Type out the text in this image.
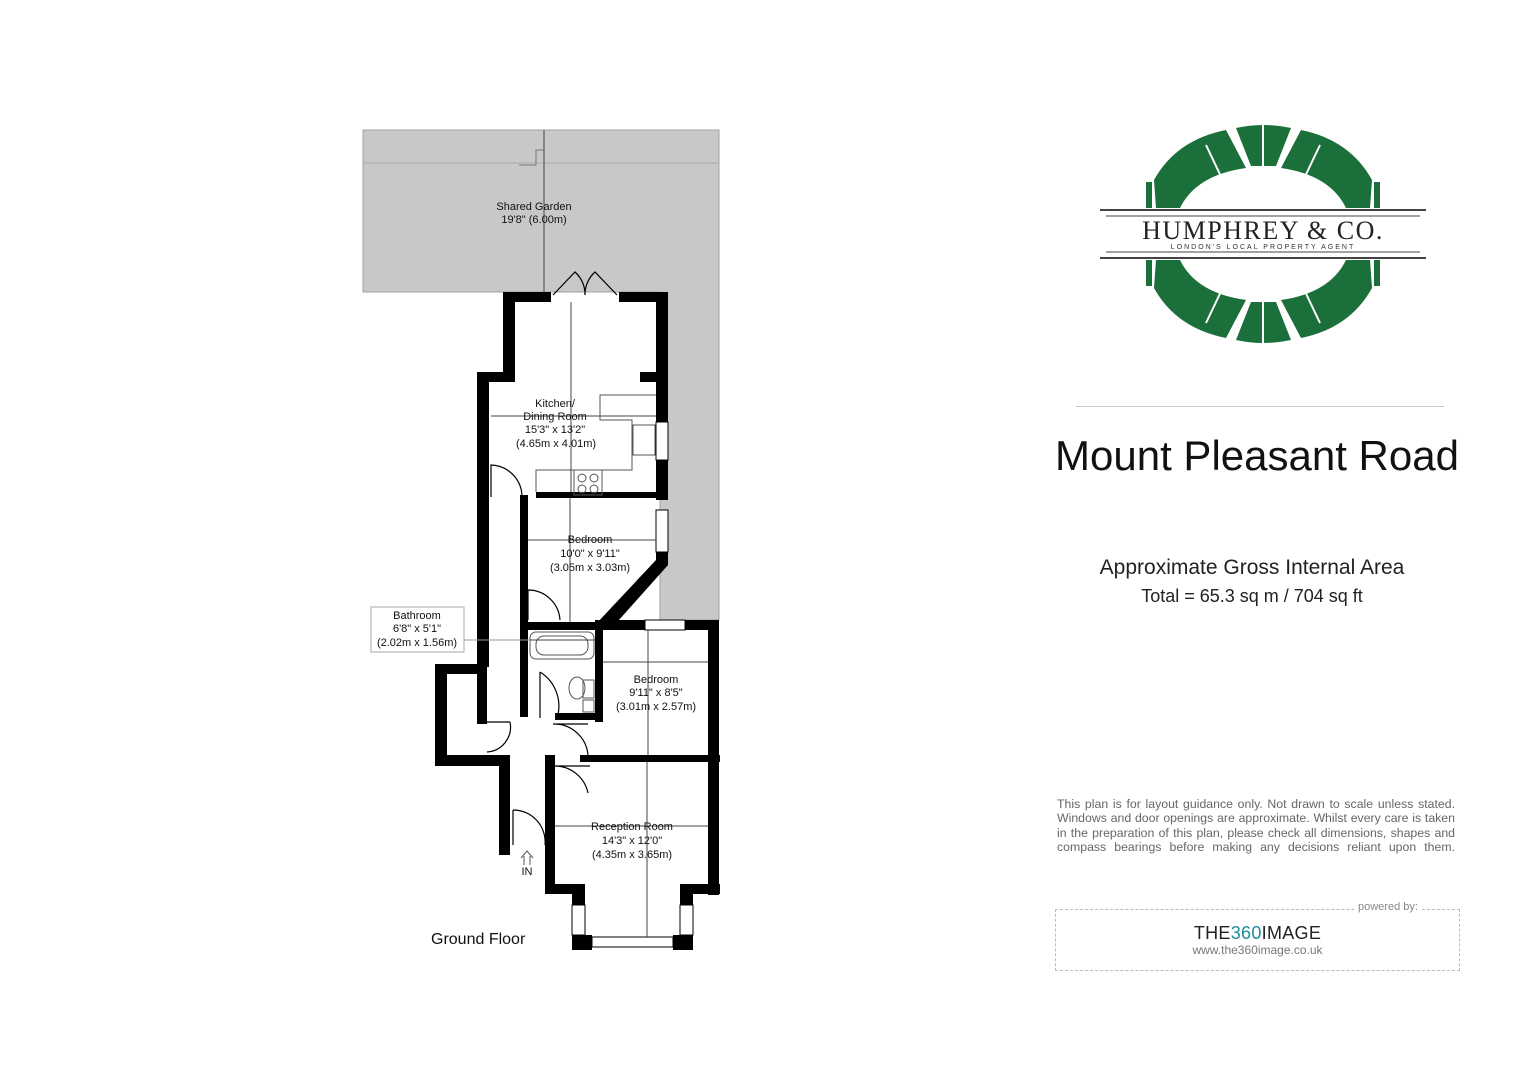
Shared Garden
19'8" (6.00m)
Kitchen/
Dining Room
15'3" x 13'2"
(4.65m x 4.01m)
Bedroom
10'0" x 9'11"
(3.05m x 3.03m)
Bathroom
6'8" x 5'1"
(2.02m x 1.56m)
Bedroom
9'11" x 8'5"
(3.01m x 2.57m)
Reception Room
14'3" x 12'0"
(4.35m x 3.65m)
IN
Ground Floor
HUMPHREY & CO.
LONDON'S LOCAL PROPERTY AGENT
Mount Pleasant Road
Approximate Gross Internal Area
Total = 65.3 sq m / 704 sq ft
This plan is for layout guidance only. Not drawn to scale unless stated. Windows and door openings are approximate. Whilst every care is taken in the preparation of this plan, please check all dimensions, shapes and compass bearings before making any decisions reliant upon them.
powered by:
THE360IMAGE
www.the360image.co.uk
